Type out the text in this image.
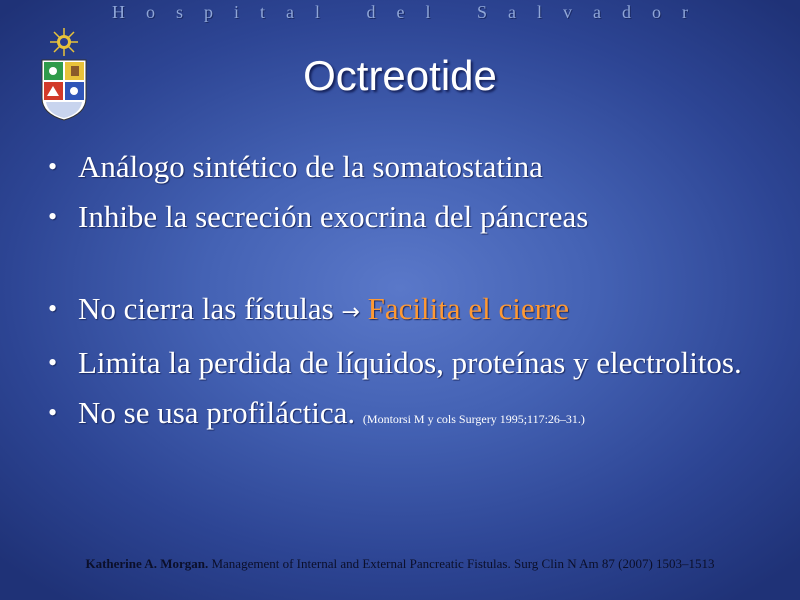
Hospital del Salvador
Octreotide
• Análogo sintético de la somatostatina
• Inhibe la secreción exocrina del páncreas
• No cierra las fístulas → Facilita el cierre
• Limita la perdida de líquidos, proteínas y electrolitos.
• No se usa profiláctica. (Montorsi M y cols Surgery 1995;117:26–31.)
Katherine A. Morgan. Management of Internal and External Pancreatic Fistulas. Surg Clin N Am 87 (2007) 1503–1513
